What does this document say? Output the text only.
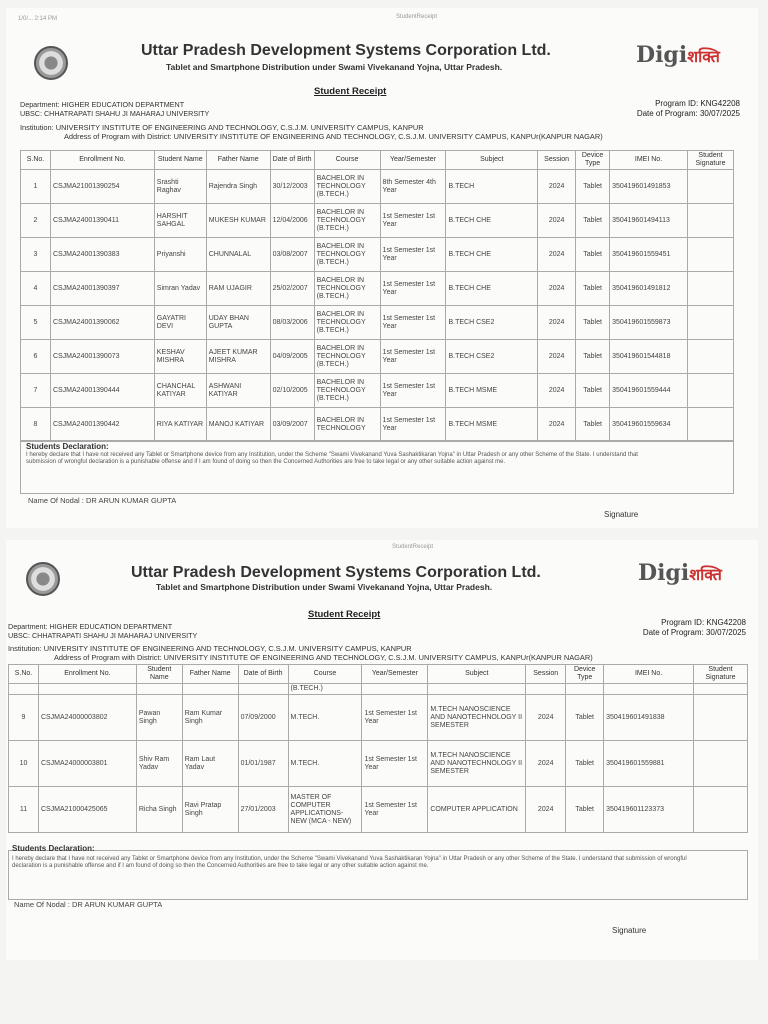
1/0/... 2:14 PM	StudentReceipt
Uttar Pradesh Development Systems Corporation Ltd.
Tablet and Smartphone Distribution under Swami Vivekanand Yojna, Uttar Pradesh.	Digiशक्ति
Student Receipt
Department: HIGHER EDUCATION DEPARTMENT
UBSC: CHHATRAPATI SHAHU JI MAHARAJ UNIVERSITY
Institution: UNIVERSITY INSTITUTE OF ENGINEERING AND TECHNOLOGY, C.S.J.M. UNIVERSITY CAMPUS, KANPUR
Address of Program with District: UNIVERSITY INSTITUTE OF ENGINEERING AND TECHNOLOGY, C.S.J.M. UNIVERSITY CAMPUS, KANPUr(KANPUR NAGAR)
Program ID: KNG42208
Date of Program: 30/07/2025
S.No.	Enrollment No.	Student Name	Father Name	Date of Birth	Course	Year/Semester	Subject	Session	Device Type	IMEI No.	Student Signature
1	CSJMA21001390254	Srashti Raghav	Rajendra Singh	30/12/2003	BACHELOR IN TECHNOLOGY (B.TECH.)	8th Semester 4th Year	B.TECH	2024	Tablet	350419601491853	
2	CSJMA24001390411	HARSHIT SAHGAL	MUKESH KUMAR	12/04/2006	BACHELOR IN TECHNOLOGY (B.TECH.)	1st Semester 1st Year	B.TECH CHE	2024	Tablet	350419601494113	
3	CSJMA24001390383	Priyanshi	CHUNNALAL	03/08/2007	BACHELOR IN TECHNOLOGY (B.TECH.)	1st Semester 1st Year	B.TECH CHE	2024	Tablet	350419601559451	
4	CSJMA24001390397	Simran Yadav	RAM UJAGIR	25/02/2007	BACHELOR IN TECHNOLOGY (B.TECH.)	1st Semester 1st Year	B.TECH CHE	2024	Tablet	350419601491812	
5	CSJMA24001390062	GAYATRI DEVI	UDAY BHAN GUPTA	08/03/2006	BACHELOR IN TECHNOLOGY (B.TECH.)	1st Semester 1st Year	B.TECH CSE2	2024	Tablet	350419601559873	
6	CSJMA24001390073	KESHAV MISHRA	AJEET KUMAR MISHRA	04/09/2005	BACHELOR IN TECHNOLOGY (B.TECH.)	1st Semester 1st Year	B.TECH CSE2	2024	Tablet	350419601544818	
7	CSJMA24001390444	CHANCHAL KATIYAR	ASHWANI KATIYAR	02/10/2005	BACHELOR IN TECHNOLOGY (B.TECH.)	1st Semester 1st Year	B.TECH MSME	2024	Tablet	350419601559444	
8	CSJMA24001390442	RIYA KATIYAR	MANOJ KATIYAR	03/09/2007	BACHELOR IN TECHNOLOGY	1st Semester 1st Year	B.TECH MSME	2024	Tablet	350419601559634	
Students Declaration:
I hereby declare that I have not received any Tablet or Smartphone device from any Institution, under the Scheme "Swami Vivekanand Yuva Sashaktikaran Yojna" in Uttar Pradesh or any other Scheme of the State. I understand that submission of wrongful declaration is a punishable offense and if I am found of doing so then the Concerned Authorities are free to take legal or any other suitable action against me.
Name Of Nodal : DR ARUN KUMAR GUPTA
Signature
StudentReceipt
Uttar Pradesh Development Systems Corporation Ltd.
Tablet and Smartphone Distribution under Swami Vivekanand Yojna, Uttar Pradesh.
Digiशक्ति
Student Receipt
Department: HIGHER EDUCATION DEPARTMENT
UBSC: CHHATRAPATI SHAHU JI MAHARAJ UNIVERSITY
Institution: UNIVERSITY INSTITUTE OF ENGINEERING AND TECHNOLOGY, C.S.J.M. UNIVERSITY CAMPUS, KANPUR
Address of Program with District: UNIVERSITY INSTITUTE OF ENGINEERING AND TECHNOLOGY, C.S.J.M. UNIVERSITY CAMPUS, KANPUr(KANPUR NAGAR)
Program ID: KNG42208
Date of Program: 30/07/2025
S.No.	Enrollment No.	Student Name	Father Name	Date of Birth	Course	Year/Semester	Subject	Session	Device Type	IMEI No.	Student Signature
					(B.TECH.)						
9	CSJMA24000003802	Pawan Singh	Ram Kumar Singh	07/09/2000	M.TECH.	1st Semester 1st Year	M.TECH NANOSCIENCE AND NANOTECHNOLOGY II SEMESTER	2024	Tablet	350419601491838	
10	CSJMA24000003801	Shiv Ram Yadav	Ram Laut Yadav	01/01/1987	M.TECH.	1st Semester 1st Year	M.TECH NANOSCIENCE AND NANOTECHNOLOGY II SEMESTER	2024	Tablet	350419601559881	
11	CSJMA21000425065	Richa Singh	Ravi Pratap Singh	27/01/2003	MASTER OF COMPUTER APPLICATIONS-NEW (MCA - NEW)	1st Semester 1st Year	COMPUTER APPLICATION	2024	Tablet	350419601123373	
Students Declaration:
I hereby declare that I have not received any Tablet or Smartphone device from any Institution, under the Scheme "Swami Vivekanand Yuva Sashaktikaran Yojna" in Uttar Pradesh or any other Scheme of the State. I understand that submission of wrongful declaration is a punishable offense and if I am found of doing so then the Concerned Authorities are free to take legal or any other suitable action against me.
Name Of Nodal : DR ARUN KUMAR GUPTA
Signature
